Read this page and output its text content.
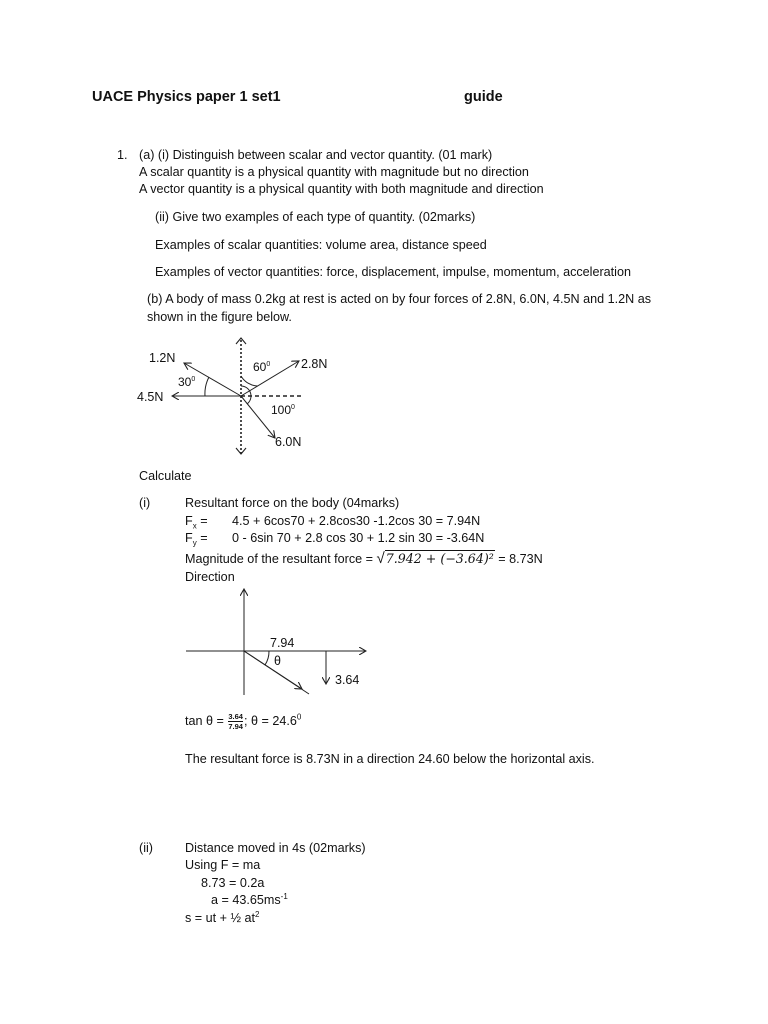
UACE Physics paper 1 set1	guide
1. (a) (i) Distinguish between scalar and vector quantity. (01 mark)
A scalar quantity is a physical quantity with magnitude but no direction
A vector quantity is a physical quantity with both magnitude and direction
(ii) Give two examples of each type of quantity. (02marks)
Examples of scalar quantities: volume area, distance speed
Examples of vector quantities: force, displacement, impulse, momentum, acceleration
(b) A body of mass 0.2kg at rest is acted on by four forces of 2.8N, 6.0N, 4.5N and 1.2N as
shown in the figure below.
1.2N
4.5N
2.8N
6.0N
$30^0$
$60^0$
$100^0$
Calculate
(i)	Resultant force on the body (04marks)
$F_x = 4.5 + 6\cos 70 + 2.8\cos 30$ -1.2cos 30 = 7.94N
$F_y = 0 - 6\sin$ 70 + 2.8 cos 30 + 1.2 sin 30 = -3.64N
Magnitude of the resultant force = √7.942 + (−3.64)² = 8.73N
Direction
7.94
θ
3.64
$\tan \theta = \frac{3.64}{7.94}$ ; $\theta = 24.6^0$
The resultant force is 8.73N in a direction 24.60 below the horizontal axis.
(ii)	Distance moved in 4s (02marks)
Using F = ma
8.73 = 0.2a
$a = 43.65ms^{-1}$
s = ut + ½ $at^2$
